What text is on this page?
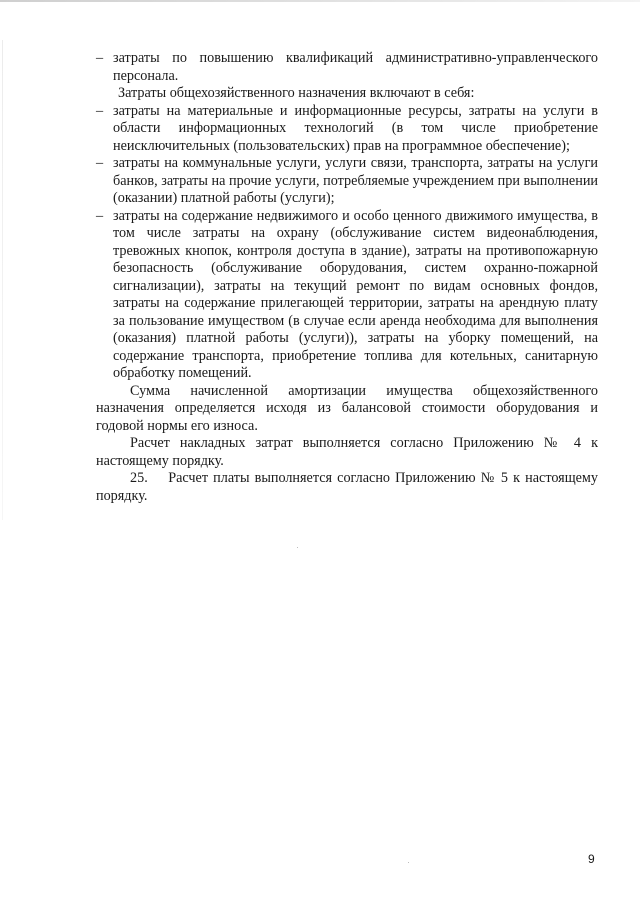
– затраты по повышению квалификаций административно-управленческого персонала.

Затраты общехозяйственного назначения включают в себя:

– затраты на материальные и информационные ресурсы, затраты на услуги в области информационных технологий (в том числе приобретение неисключительных (пользовательских) прав на программное обеспечение);

– затраты на коммунальные услуги, услуги связи, транспорта, затраты на услуги банков, затраты на прочие услуги, потребляемые учреждением при выполнении (оказании) платной работы (услуги);

– затраты на содержание недвижимого и особо ценного движимого имущества, в том числе затраты на охрану (обслуживание систем видеонаблюдения, тревожных кнопок, контроля доступа в здание), затраты на противопожарную безопасность (обслуживание оборудования, систем охранно-пожарной сигнализации), затраты на текущий ремонт по видам основных фондов, затраты на содержание прилегающей территории, затраты на арендную плату за пользование имуществом (в случае если аренда необходима для выполнения (оказания) платной работы (услуги)), затраты на уборку помещений, на содержание транспорта, приобретение топлива для котельных, санитарную обработку помещений.

Сумма начисленной амортизации имущества общехозяйственного назначения определяется исходя из балансовой стоимости оборудования и годовой нормы его износа.

Расчет накладных затрат выполняется согласно Приложению № 4 к настоящему порядку.

25.    Расчет платы выполняется согласно Приложению № 5 к настоящему порядку.

9
